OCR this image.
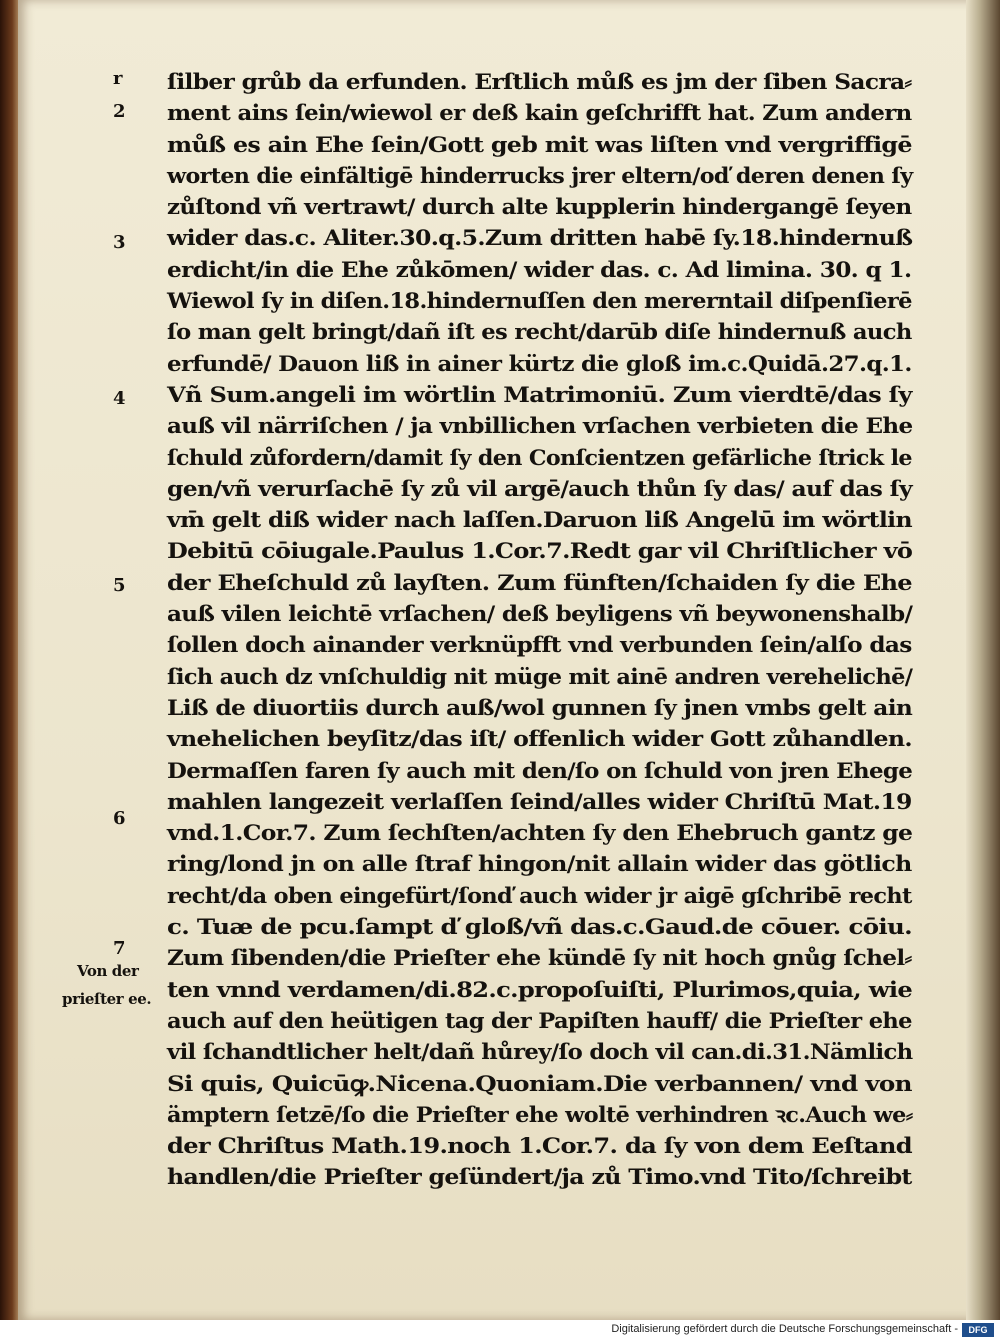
r
2
3
4
5
6
7
Von der
prieſter ee.
ſilber grůb da erfunden. Erſtlich můß es jm der ſiben Sacra⸗
ment ains ſein/wiewol er deß kain geſchrifft hat. Zum andern
můß es ain Ehe ſein/Gott geb mit was liſten vnd vergriffigē
worten die einfältigē hinderrucks jrer eltern/oď deren denen ſy
zůſtond vñ vertrawt/ durch alte kupplerin hindergangē ſeyen
wider das.c. Aliter.30.q.5.Zum dritten habē ſy.18.hindernuß
erdicht/in die Ehe zůkōmen/ wider das. c. Ad limina. 30. q 1.
Wiewol ſy in diſen.18.hindernuſſen den mererntail diſpenſierē
ſo man gelt bringt/dañ iſt es recht/darūb diſe hindernuß auch
erfundē/ Dauon liß in ainer kürtz die gloß im.c.Quidā.27.q.1.
Vñ Sum.angeli im wörtlin Matrimoniū. Zum vierdtē/das ſy
auß vil närriſchen / ja vnbillichen vrſachen verbieten die Ehe
ſchuld zůfordern/damit ſy den Conſcientzen gefärliche ſtrick le
gen/vñ verurſachē ſy zů vil argē/auch thůn ſy das/ auf das ſy
vm̄ gelt diß wider nach laſſen.Daruon liß Angelū im wörtlin
Debitū cōiugale.Paulus 1.Cor.7.Redt gar vil Chriſtlicher vō
der Eheſchuld zů layſten. Zum fünften/ſchaiden ſy die Ehe
auß vilen leichtē vrſachen/ deß beyligens vñ beywonenshalb/
ſollen doch ainander verknüpfft vnd verbunden ſein/alſo das
ſich auch dz vnſchuldig nit müge mit ainē andren verehelichē/
Liß de diuortiis durch auß/wol gunnen ſy jnen vmbs gelt ain
vnehelichen beyſitz/das iſt/ offenlich wider Gott zůhandlen.
Dermaſſen faren ſy auch mit den/ſo on ſchuld von jren Ehege
mahlen langezeit verlaſſen ſeind/alles wider Chriſtū Mat.19
vnd.1.Cor.7. Zum ſechſten/achten ſy den Ehebruch gantz ge
ring/lond jn on alle ſtraf hingon/nit allain wider das götlich
recht/da oben eingefürt/ſonď auch wider jr aigē gſchribē recht
c. Tuæ de pcu.ſampt ď gloß/vñ das.c.Gaud.de cōuer. cōiu.
Zum ſibenden/die Prieſter ehe kündē ſy nit hoch gnůg ſchel⸗
ten vnnd verdamen/di.82.c.propoſuiſti, Plurimos,quia, wie
auch auf den heütigen tag der Papiſten hauff/ die Prieſter ehe
vil ſchandtlicher helt/dañ hůrey/ſo doch vil can.di.31.Nämlich
Si quis, Quicūꝙ.Nicena.Quoniam.Die verbannen/ vnd von
ämptern ſetzē/ſo die Prieſter ehe woltē verhindren ꝛc.Auch we⸗
der Chriſtus Math.19.noch 1.Cor.7. da ſy von dem Eeſtand
handlen/die Prieſter geſündert/ja zů Timo.vnd Tito/ſchreibt
Digitalisierung gefördert durch die Deutsche Forschungsgemeinschaft -	DFG
